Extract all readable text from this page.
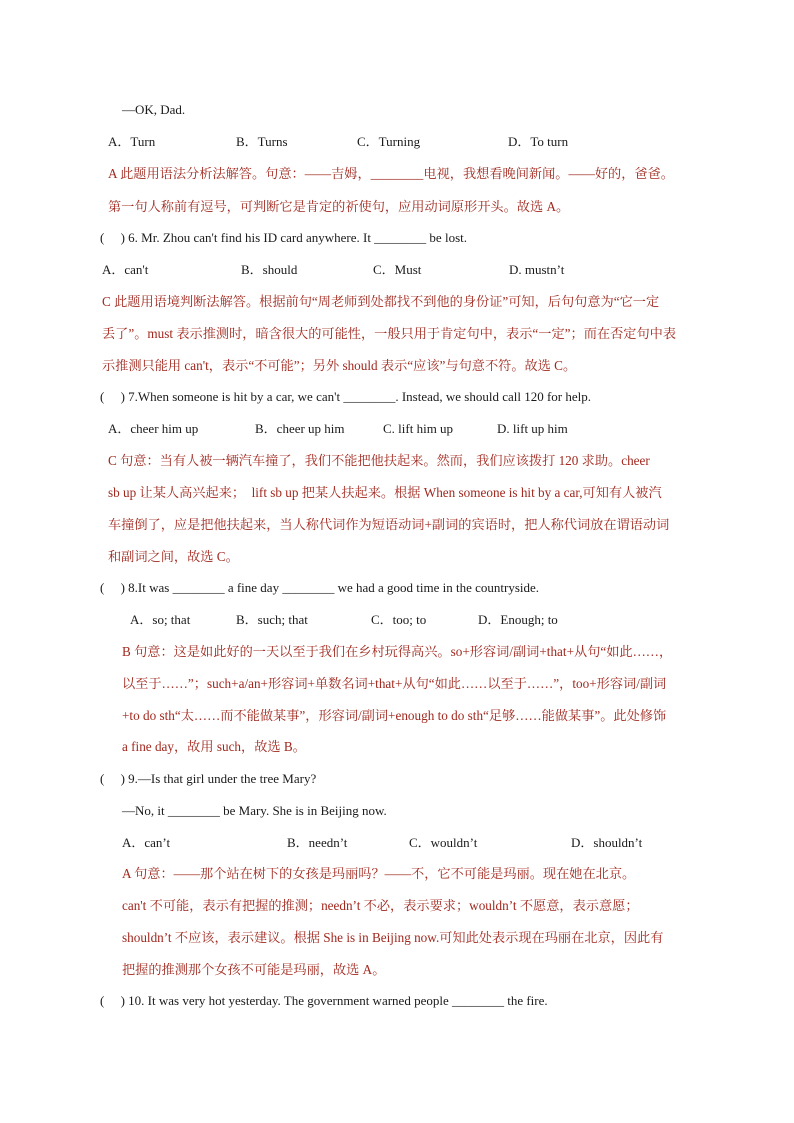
—OK, Dad.
A．Turn	B．Turns	C．Turning	D．To turn
A 此题用语法分析法解答。句意：——吉姆，________电视，我想看晚间新闻。——好的，爸爸。
第一句人称前有逗号，可判断它是肯定的祈使句，应用动词原形开头。故选 A。
(　 ) 6. Mr. Zhou can't find his ID card anywhere. It ________ be lost.
A．can't	B．should	C．Must	D. mustn’t
C 此题用语境判断法解答。根据前句“周老师到处都找不到他的身份证”可知，后句句意为“它一定
丢了”。must 表示推测时，暗含很大的可能性，一般只用于肯定句中，表示“一定”；而在否定句中表
示推测只能用 can't，表示“不可能”；另外 should 表示“应该”与句意不符。故选 C。
(　 ) 7.When someone is hit by a car, we can't ________. Instead, we should call 120 for help.
A．cheer him up	B．cheer up him	C. lift him up	D. lift up him
C 句意：当有人被一辆汽车撞了，我们不能把他扶起来。然而，我们应该拨打 120 求助。cheer
sb up 让某人高兴起来；　lift sb up 把某人扶起来。根据 When someone is hit by a car,可知有人被汽
车撞倒了，应是把他扶起来，当人称代词作为短语动词+副词的宾语时，把人称代词放在谓语动词
和副词之间，故选 C。
(　 ) 8.It was ________ a fine day ________ we had a good time in the countryside.
A．so; that	B．such; that	C．too; to	D．Enough; to
B 句意：这是如此好的一天以至于我们在乡村玩得高兴。so+形容词/副词+that+从句“如此……，
以至于……”；such+a/an+形容词+单数名词+that+从句“如此……以至于……”，too+形容词/副词
+to do sth“太……而不能做某事”，形容词/副词+enough to do sth“足够……能做某事”。此处修饰
a fine day，故用 such，故选 B。
(　 ) 9.—Is that girl under the tree Mary?
—No, it ________ be Mary. She is in Beijing now.
A．can’t	B．needn’t	C．wouldn’t	D．shouldn’t
A 句意：——那个站在树下的女孩是玛丽吗？——不，它不可能是玛丽。现在她在北京。
can't 不可能，表示有把握的推测；needn’t 不必，表示要求；wouldn’t 不愿意，表示意愿；
shouldn’t 不应该，表示建议。根据 She is in Beijing now.可知此处表示现在玛丽在北京，因此有
把握的推测那个女孩不可能是玛丽，故选 A。
(　 ) 10. It was very hot yesterday. The government warned people ________ the fire.
